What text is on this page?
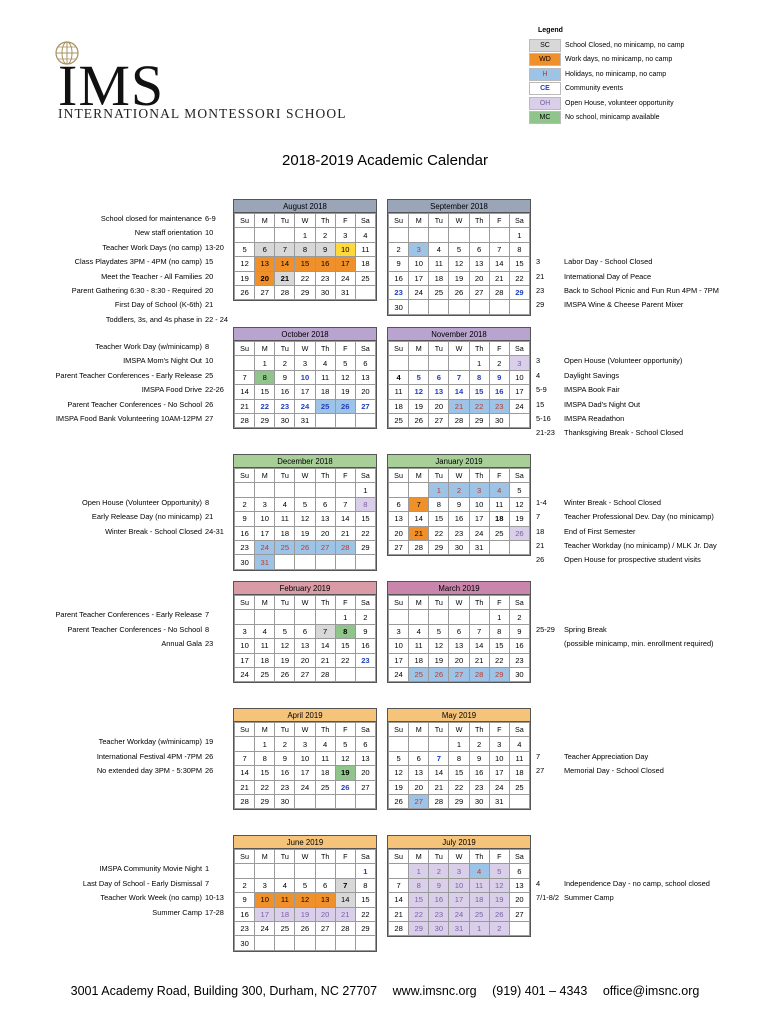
IMS
INTERNATIONAL MONTESSORI SCHOOL
Legend
SC	School Closed, no minicamp, no camp
WD	Work days, no minicamp, no camp
H	Holidays, no minicamp, no camp
CE	Community events
OH	Open House, volunteer opportunity
MC	No school, minicamp available
2018-2019 Academic Calendar
August 2018
Su	M	Tu	W	Th	F	Sa
			1	2	3	4
5	6	7	8	9	10	11
12	13	14	15	16	17	18
19	20	21	22	23	24	25
26	27	28	29	30	31	
September 2018
Su	M	Tu	W	Th	F	Sa
						1
2	3	4	5	6	7	8
9	10	11	12	13	14	15
16	17	18	19	20	21	22
23	24	25	26	27	28	29
30						
School closed for maintenance 6-9
New staff orientation 10
Teacher Work Days (no camp) 13-20
Class Playdates 3PM - 4PM (no camp) 15
Meet the Teacher - All Families 20
Parent Gathering 6:30 - 8:30 - Required 20
First Day of School (K-6th) 21
Toddlers, 3s, and 4s phase in 22 - 24
3	Labor Day - School Closed
21	International Day of Peace
23	Back to School Picnic and Fun Run 4PM - 7PM
29	IMSPA Wine & Cheese Parent Mixer
October 2018
Su	M	Tu	W	Th	F	Sa
	1	2	3	4	5	6
7	8	9	10	11	12	13
14	15	16	17	18	19	20
21	22	23	24	25	26	27
28	29	30	31			
November 2018
Su	M	Tu	W	Th	F	Sa
				1	2	3
4	5	6	7	8	9	10
11	12	13	14	15	16	17
18	19	20	21	22	23	24
25	26	27	28	29	30	
Teacher Work Day (w/minicamp) 8
IMSPA Mom's Night Out 10
Parent Teacher Conferences - Early Release 25
IMSPA Food Drive 22-26
Parent Teacher Conferences - No School 26
IMSPA Food Bank Volunteering 10AM-12PM 27
3	Open House (Volunteer opportunity)
4	Daylight Savings
5-9 IMSPA Book Fair
15	IMSPA Dad's Night Out
5-16 IMSPA Readathon
21-23 Thanksgiving Break - School Closed
December 2018
Su	M	Tu	W	Th	F	Sa
						1
2	3	4	5	6	7	8
9	10	11	12	13	14	15
16	17	18	19	20	21	22
23	24	25	26	27	28	29
30	31					
January 2019
Su	M	Tu	W	Th	F	Sa
		1	2	3	4	5
6	7	8	9	10	11	12
13	14	15	16	17	18	19
20	21	22	23	24	25	26
27	28	29	30	31		
Open House (Volunteer Opportunity) 8
Early Release Day (no minicamp) 21
Winter Break - School Closed 24-31
1-4 Winter Break - School Closed
7	Teacher Professional Dev. Day (no minicamp)
18	End of First Semester
21	Teacher Workday (no minicamp) / MLK Jr. Day
26	Open House for prospective student visits
February 2019
Su	M	Tu	W	Th	F	Sa
					1	2
3	4	5	6	7	8	9
10	11	12	13	14	15	16
17	18	19	20	21	22	23
24	25	26	27	28		
March 2019
Su	M	Tu	W	Th	F	Sa
					1	2
3	4	5	6	7	8	9
10	11	12	13	14	15	16
17	18	19	20	21	22	23
24	25	26	27	28	29	30
Parent Teacher Conferences - Early Release 7
Parent Teacher Conferences - No School 8
Annual Gala 23
25-29 Spring Break
(possible minicamp, min. enrollment required)
April 2019
Su	M	Tu	W	Th	F	Sa
	1	2	3	4	5	6
7	8	9	10	11	12	13
14	15	16	17	18	19	20
21	22	23	24	25	26	27
28	29	30				
May 2019
Su	M	Tu	W	Th	F	Sa
			1	2	3	4
5	6	7	8	9	10	11
12	13	14	15	16	17	18
19	20	21	22	23	24	25
26	27	28	29	30	31	
Teacher Workday (w/minicamp) 19
International Festival 4PM -7PM 26
No extended day 3PM - 5:30PM 26
7	Teacher Appreciation Day
27	Memorial Day - School Closed
June 2019
Su	M	Tu	W	Th	F	Sa
						1
2	3	4	5	6	7	8
9	10	11	12	13	14	15
16	17	18	19	20	21	22
23	24	25	26	27	28	29
30						
July 2019
Su	M	Tu	W	Th	F	Sa
	1	2	3	4	5	6
7	8	9	10	11	12	13
14	15	16	17	18	19	20
21	22	23	24	25	26	27
28	29	30	31	1	2	
IMSPA Community Movie Night 1
Last Day of School - Early Dismissal 7
Teacher Work Week (no camp) 10-13
Summer Camp 17-28
4	Independence Day - no camp, school closed
7/1-8/2 Summer Camp
3001 Academy Road, Building 300, Durham, NC 27707 www.imsnc.org (919) 401 – 4343 office@imsnc.org
